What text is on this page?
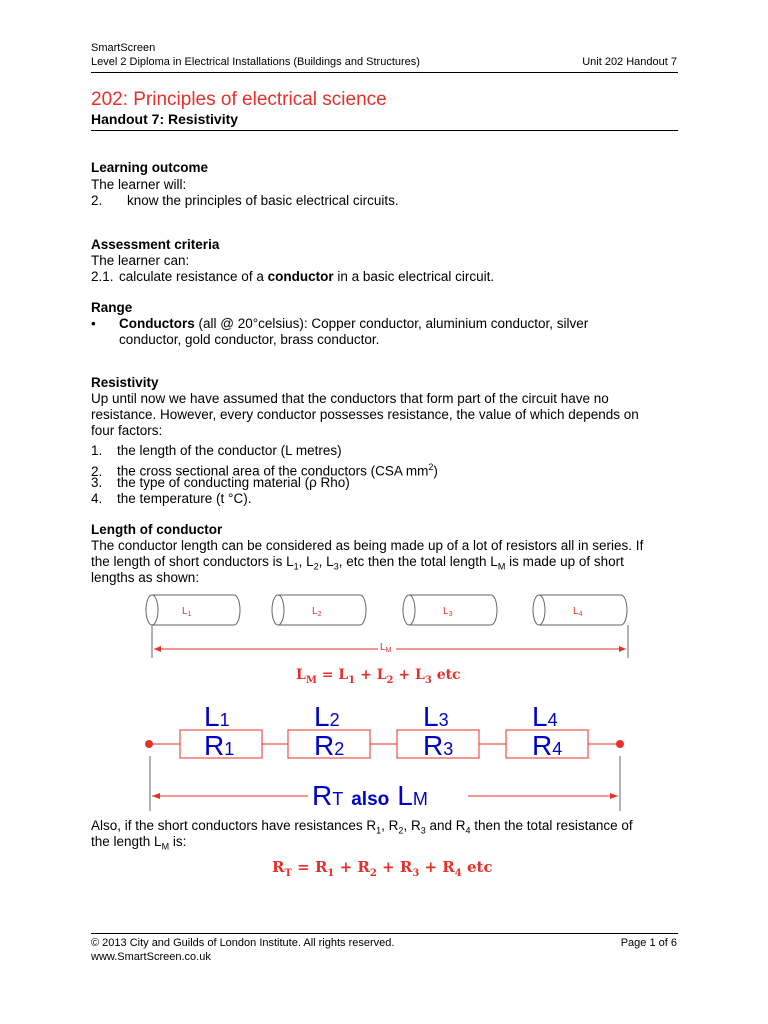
SmartScreen
Level 2 Diploma in Electrical Installations (Buildings and Structures)	Unit 202 Handout 7
202: Principles of electrical science
Handout 7: Resistivity
Learning outcome
The learner will:
2. know the principles of basic electrical circuits.
Assessment criteria
The learner can:
2.1. calculate resistance of a conductor in a basic electrical circuit.
Range
• Conductors (all @ 20°celsius): Copper conductor, aluminium conductor, silver
conductor, gold conductor, brass conductor.
Resistivity
Up until now we have assumed that the conductors that form part of the circuit have no
resistance. However, every conductor possesses resistance, the value of which depends on
four factors:
1. the length of the conductor (L metres)
2. the cross sectional area of the conductors (CSA $mm^2$)
3. the type of conducting material (ρ Rho)
4. the temperature (t °C).
Length of conductor
The conductor length can be considered as being made up of a lot of resistors all in series. If
the length of short conductors is $L_1$, $L_2$, $L_3$, etc then the total length $L_M$ is made up of short
lengths as shown:
$L_1$	$L_2$	$L_3$	$L_4$
$L_M$
$L_M = L_1 + L_2 + L_3$ etc
L1
R1
L2
R2
L3
R3
L4
R4
RT also LM
Also, if the short conductors have resistances $R_1$, $R_2$, $R_3$ and $R_4$ then the total resistance of
the length $L_M$ is:
$R_T = R_1 + R_2 + R_3 + R_4$ etc
© 2013 City and Guilds of London Institute. All rights reserved.	Page 1 of 6
www.SmartScreen.co.uk
